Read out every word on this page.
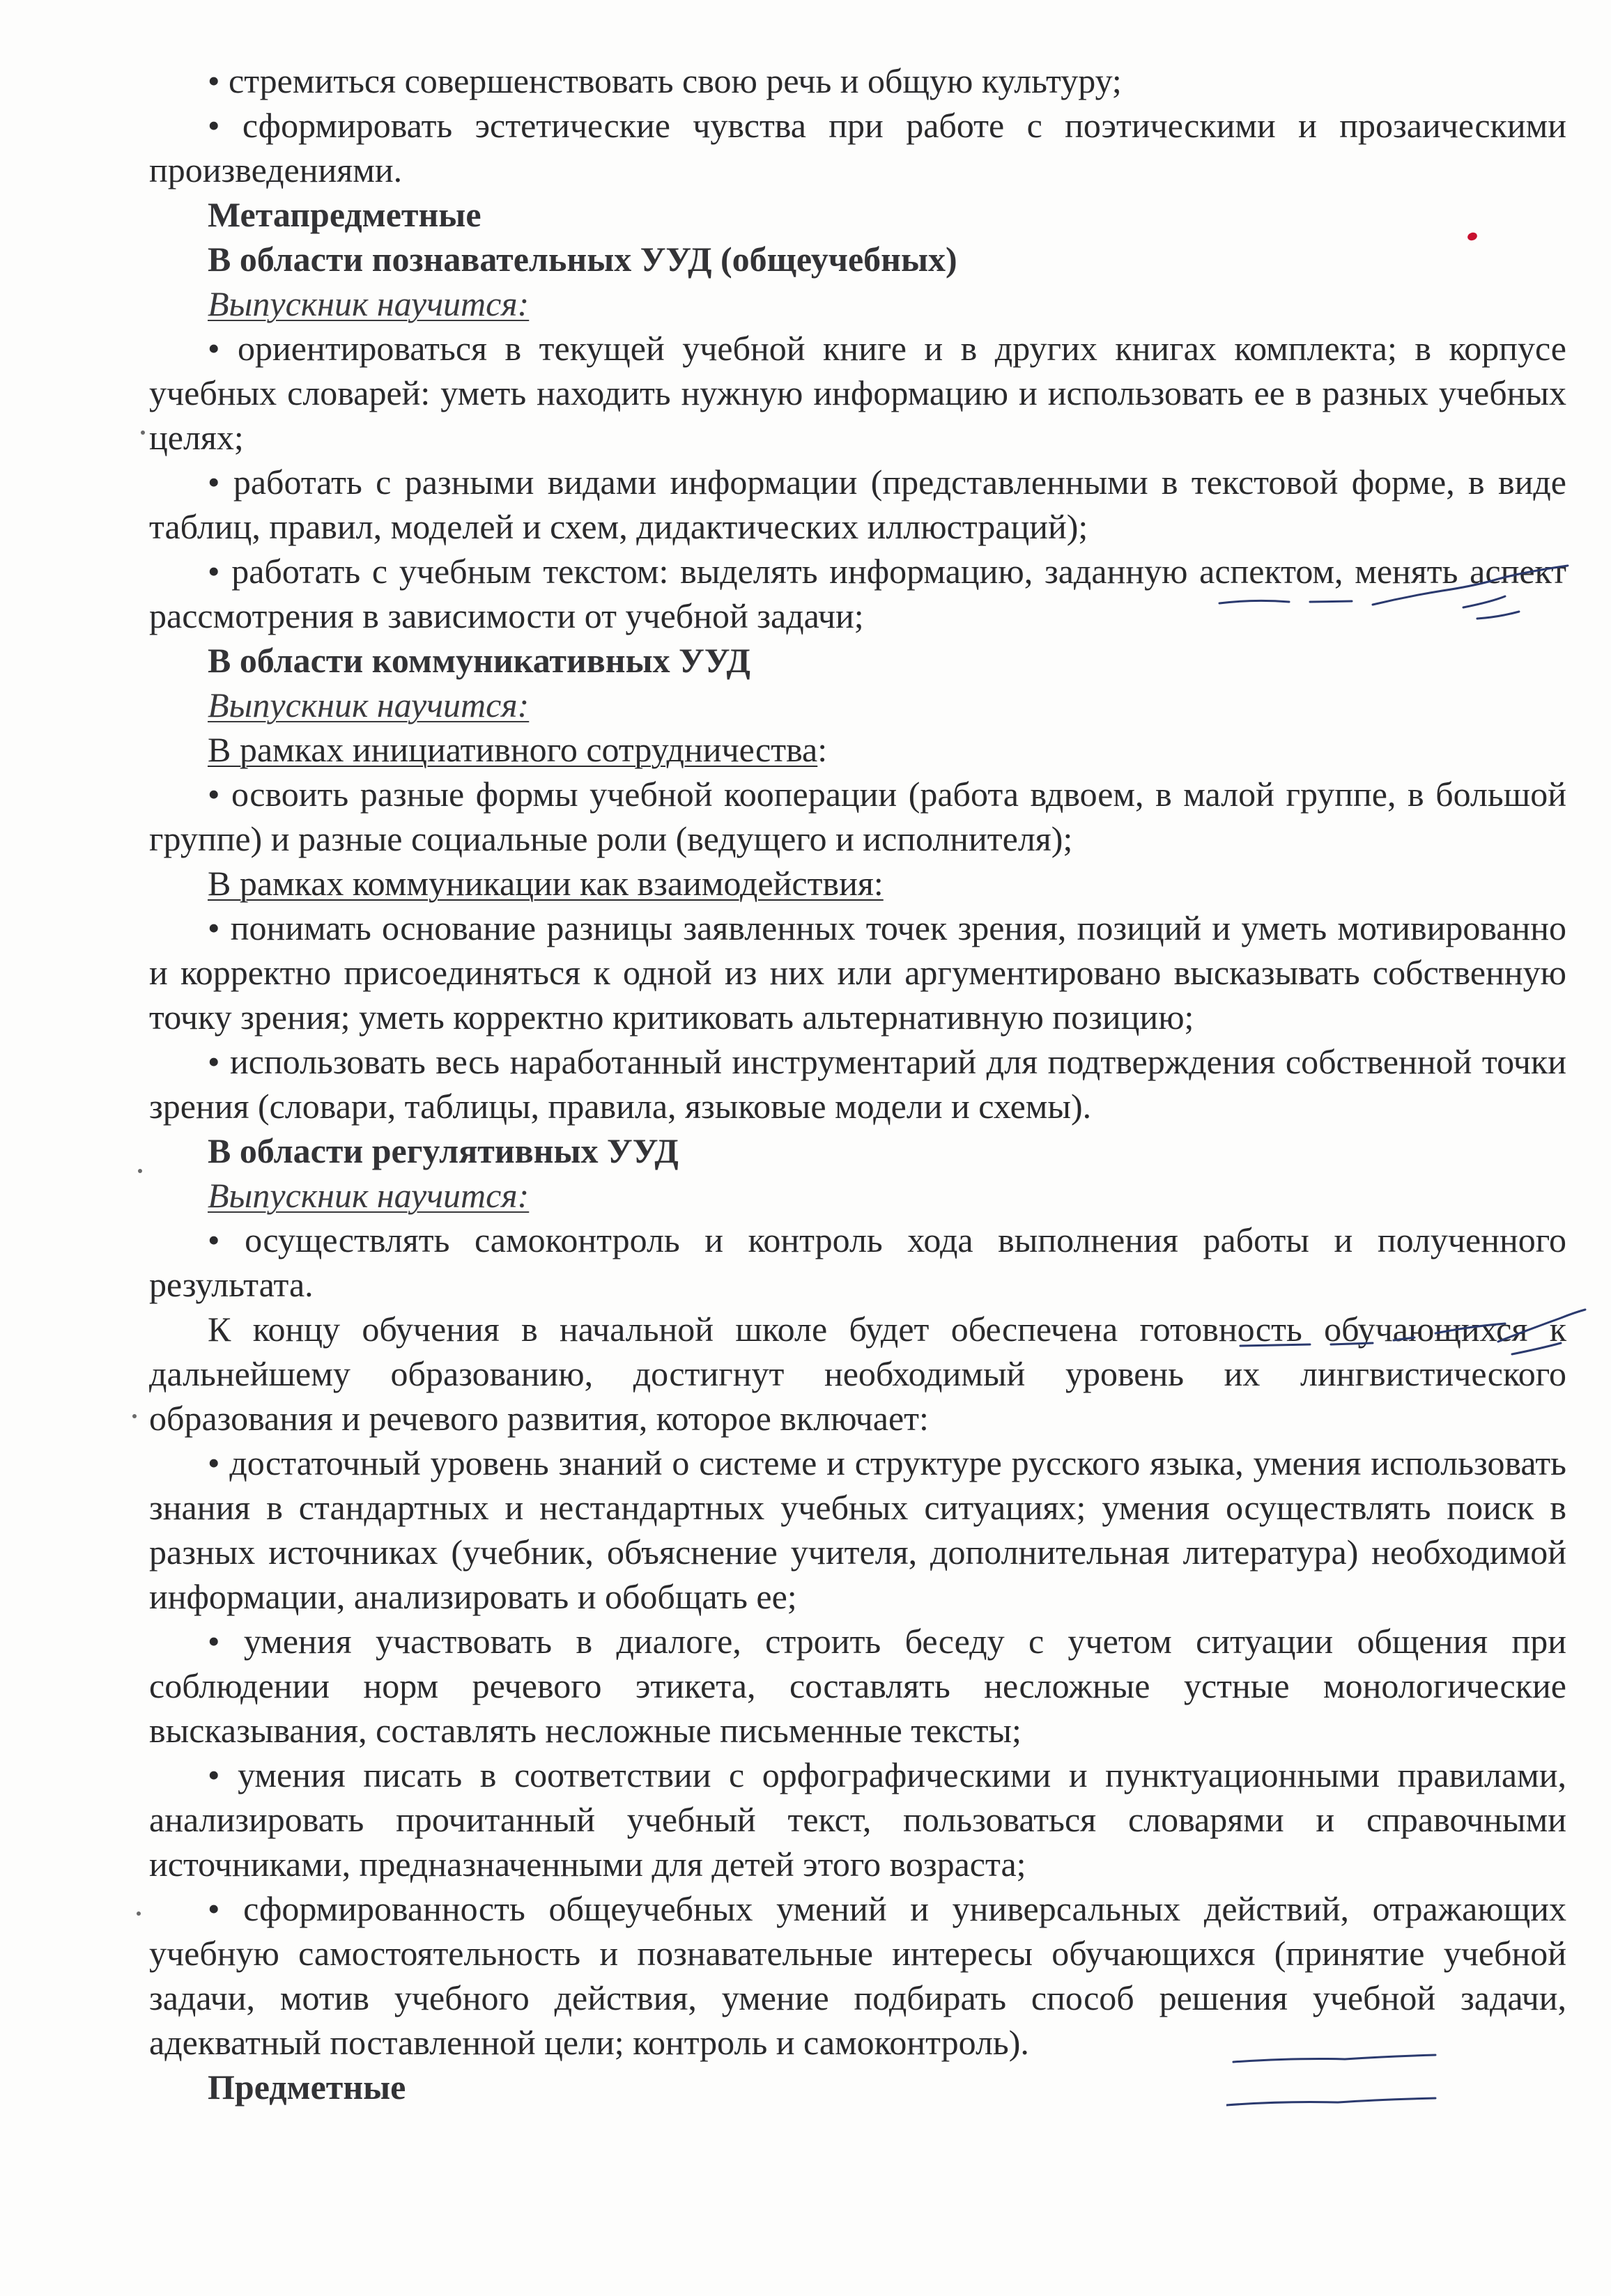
• стремиться совершенствовать свою речь и общую культуру;

• сформировать эстетические чувства при работе с поэтическими и прозаическими произведениями.

Метапредметные

В области познавательных УУД (общеучебных)

Выпускник научится:

• ориентироваться в текущей учебной книге и в других книгах комплекта; в корпусе учебных словарей: уметь находить нужную информацию и использовать ее в разных учебных целях;

• работать с разными видами информации (представленными в текстовой форме, в виде таблиц, правил, моделей и схем, дидактических иллюстраций);

• работать с учебным текстом: выделять информацию, заданную аспектом, менять аспект рассмотрения в зависимости от учебной задачи;

В области коммуникативных УУД

Выпускник научится:

В рамках инициативного сотрудничества:

• освоить разные формы учебной кооперации (работа вдвоем, в малой группе, в большой группе) и разные социальные роли (ведущего и исполнителя);

В рамках коммуникации как взаимодействия:

• понимать основание разницы заявленных точек зрения, позиций и уметь мотивированно и корректно присоединяться к одной из них или аргументировано высказывать собственную точку зрения; уметь корректно критиковать альтернативную позицию;

• использовать весь наработанный инструментарий для подтверждения собственной точки зрения (словари, таблицы, правила, языковые модели и схемы).

В области регулятивных УУД

Выпускник научится:

• осуществлять самоконтроль и контроль хода выполнения работы и полученного результата.

К концу обучения в начальной школе будет обеспечена готовность обучающихся к дальнейшему образованию, достигнут необходимый уровень их лингвистического образования и речевого развития, которое включает:

• достаточный уровень знаний о системе и структуре русского языка, умения использовать знания в стандартных и нестандартных учебных ситуациях; умения осуществлять поиск в разных источниках (учебник, объяснение учителя, дополнительная литература) необходимой информации, анализировать и обобщать ее;

• умения участвовать в диалоге, строить беседу с учетом ситуации общения при соблюдении норм речевого этикета, составлять несложные устные монологические высказывания, составлять несложные письменные тексты;

• умения писать в соответствии с орфографическими и пунктуационными правилами, анализировать прочитанный учебный текст, пользоваться словарями и справочными источниками, предназначенными для детей этого возраста;

• сформированность общеучебных умений и универсальных действий, отражающих учебную самостоятельность и познавательные интересы обучающихся (принятие учебной задачи, мотив учебного действия, умение подбирать способ решения учебной задачи, адекватный поставленной цели; контроль и самоконтроль).

Предметные
